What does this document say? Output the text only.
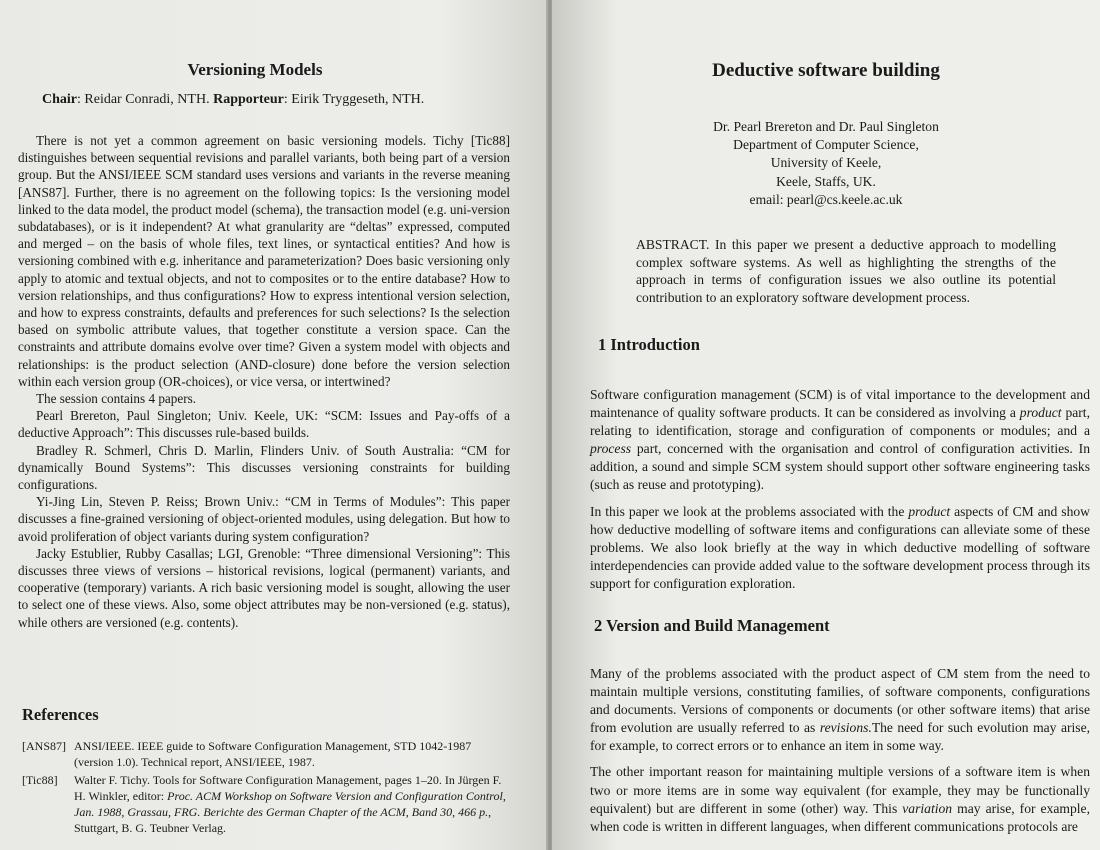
Versioning Models
Chair: Reidar Conradi, NTH. Rapporteur: Eirik Tryggeseth, NTH.

There is not yet a common agreement on basic versioning models. Tichy [Tic88] distinguishes between sequential revisions and parallel variants, both being part of a version group. But the ANSI/IEEE SCM standard uses versions and variants in the reverse meaning [ANS87]. Further, there is no agreement on the following topics: Is the versioning model linked to the data model, the product model (schema), the transaction model (e.g. uni-version subdatabases), or is it independent? At what granularity are “deltas” expressed, computed and merged – on the basis of whole files, text lines, or syntactical entities? And how is versioning combined with e.g. inheritance and parameterization? Does basic versioning only apply to atomic and textual objects, and not to composites or to the entire database? How to version relationships, and thus configurations? How to express intentional version selection, and how to express constraints, defaults and preferences for such selections? Is the selection based on symbolic attribute values, that together constitute a version space. Can the constraints and attribute domains evolve over time? Given a system model with objects and relationships: is the product selection (AND-closure) done before the version selection within each version group (OR-choices), or vice versa, or intertwined?

The session contains 4 papers.

Pearl Brereton, Paul Singleton; Univ. Keele, UK: “SCM: Issues and Pay-offs of a deductive Approach”: This discusses rule-based builds.

Bradley R. Schmerl, Chris D. Marlin, Flinders Univ. of South Australia: “CM for dynamically Bound Systems”: This discusses versioning constraints for building configurations.

Yi-Jing Lin, Steven P. Reiss; Brown Univ.: “CM in Terms of Modules”: This paper discusses a fine-grained versioning of object-oriented modules, using delegation. But how to avoid proliferation of object variants during system configuration?

Jacky Estublier, Rubby Casallas; LGI, Grenoble: “Three dimensional Versioning”: This discusses three views of versions – historical revisions, logical (permanent) variants, and cooperative (temporary) variants. A rich basic versioning model is sought, allowing the user to select one of these views. Also, some object attributes may be non-versioned (e.g. status), while others are versioned (e.g. contents).

References
[ANS87] ANSI/IEEE. IEEE guide to Software Configuration Management, STD 1042-1987 (version 1.0). Technical report, ANSI/IEEE, 1987.
[Tic88]	Walter F. Tichy. Tools for Software Configuration Management, pages 1–20. In Jürgen F. H. Winkler, editor: Proc. ACM Workshop on Software Version and Configuration Control, Jan. 1988, Grassau, FRG. Berichte des German Chapter of the ACM, Band 30, 466 p., Stuttgart, B. G. Teubner Verlag.
Deductive software building
Dr. Pearl Brereton and Dr. Paul Singleton
Department of Computer Science,
University of Keele,
Keele, Staffs, UK.
email: pearl@cs.keele.ac.uk
ABSTRACT. In this paper we present a deductive approach to modelling complex software systems. As well as highlighting the strengths of the approach in terms of configuration issues we also outline its potential contribution to an exploratory software development process.
1 Introduction

Software configuration management (SCM) is of vital importance to the development and maintenance of quality software products. It can be considered as involving a product part, relating to identification, storage and configuration of components or modules; and a process part, concerned with the organisation and control of configuration activities. In addition, a sound and simple SCM system should support other software engineering tasks (such as reuse and prototyping).

In this paper we look at the problems associated with the product aspects of CM and show how deductive modelling of software items and configurations can alleviate some of these problems. We also look briefly at the way in which deductive modelling of software interdependencies can provide added value to the software development process through its support for configuration exploration.

2 Version and Build Management

Many of the problems associated with the product aspect of CM stem from the need to maintain multiple versions, constituting families, of software components, configurations and documents. Versions of components or documents (or other software items) that arise from evolution are usually referred to as revisions.The need for such evolution may arise, for example, to correct errors or to enhance an item in some way.

The other important reason for maintaining multiple versions of a software item is when two or more items are in some way equivalent (for example, they may be functionally equivalent) but are different in some (other) way. This variation may arise, for example, when code is written in different languages, when different communications protocols are
